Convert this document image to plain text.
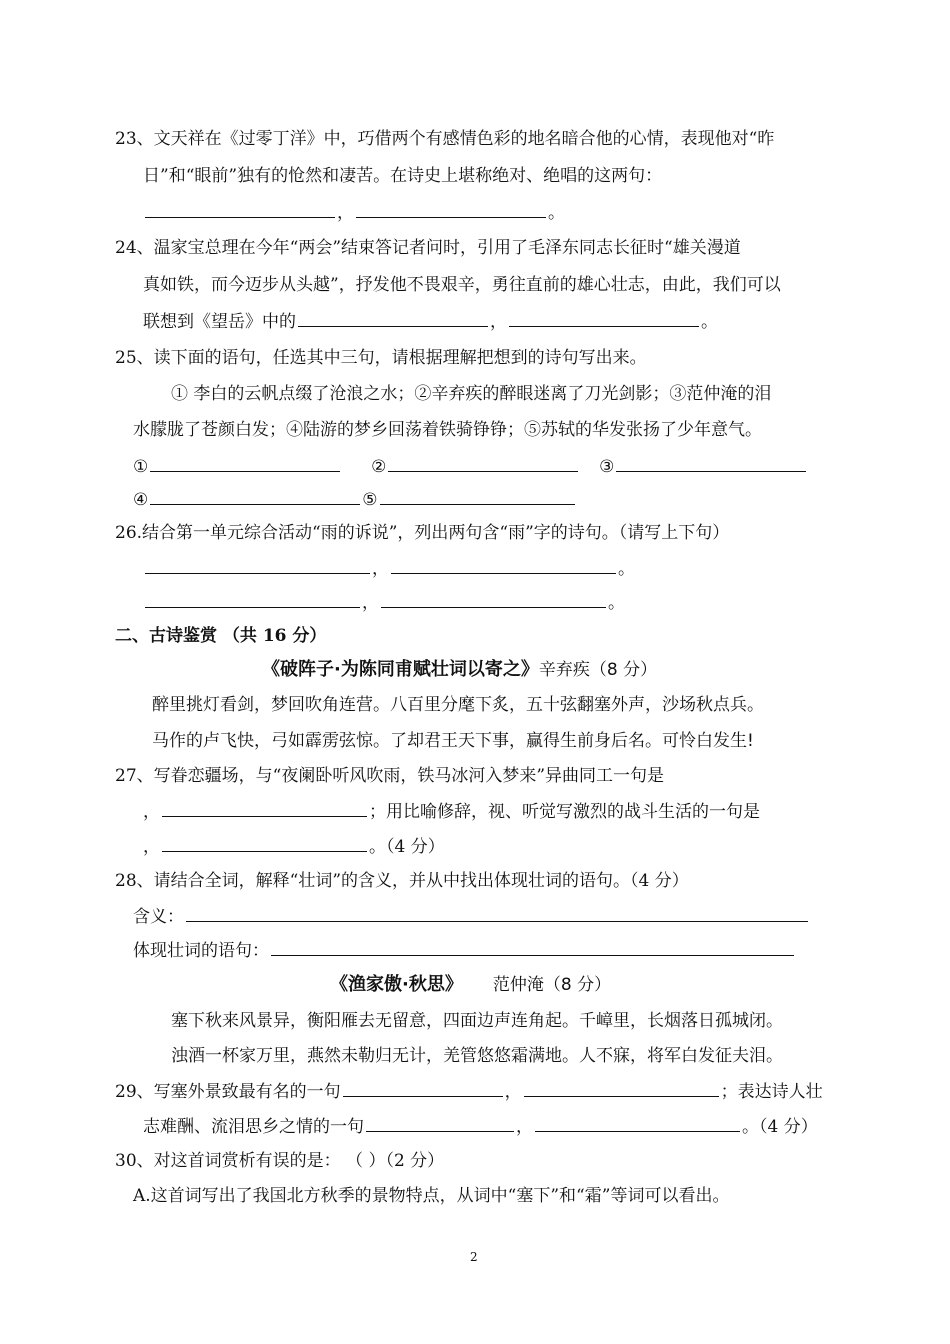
23、文天祥在《过零丁洋》中，巧借两个有感情色彩的地名暗合他的心情，表现他对“昨
日”和“眼前”独有的怆然和凄苦。在诗史上堪称绝对、绝唱的这两句：
，	。
24、温家宝总理在今年“两会”结束答记者问时，引用了毛泽东同志长征时“雄关漫道
真如铁，而今迈步从头越”，抒发他不畏艰辛，勇往直前的雄心壮志，由此，我们可以
联想到《望岳》中的	，	。
25、读下面的语句，任选其中三句，请根据理解把想到的诗句写出来。
① 李白的云帆点缀了沧浪之水；②辛弃疾的醉眼迷离了刀光剑影；③范仲淹的泪
水朦胧了苍颜白发；④陆游的梦乡回荡着铁骑铮铮；⑤苏轼的华发张扬了少年意气。
①	②	③
④	⑤
26.结合第一单元综合活动“雨的诉说”，列出两句含“雨”字的诗句。（请写上下句）
，	。
，	。
二、古诗鉴赏 （共 16 分）
《破阵子·为陈同甫赋壮词以寄之》辛弃疾（8 分）
醉里挑灯看剑，梦回吹角连营。八百里分麾下炙，五十弦翻塞外声，沙场秋点兵。
马作的卢飞快，弓如霹雳弦惊。了却君王天下事，赢得生前身后名。可怜白发生!
27、写眷恋疆场，与“夜阑卧听风吹雨，铁马冰河入梦来”异曲同工一句是
，	；用比喻修辞，视、听觉写激烈的战斗生活的一句是
，	。（4 分）
28、请结合全词，解释“壮词”的含义，并从中找出体现壮词的语句。（4 分）
含义：
体现壮词的语句：
《渔家傲·秋思》 范仲淹（8 分）
塞下秋来风景异，衡阳雁去无留意，四面边声连角起。千嶂里，长烟落日孤城闭。
浊酒一杯家万里，燕然未勒归无计，羌管悠悠霜满地。人不寐，将军白发征夫泪。
29、写塞外景致最有名的一句	，	；表达诗人壮
志难酬、流泪思乡之情的一句	，	。（4 分）
30、对这首词赏析有误的是： （ ）（2 分）
A.这首词写出了我国北方秋季的景物特点，从词中“塞下”和“霜”等词可以看出。
2
